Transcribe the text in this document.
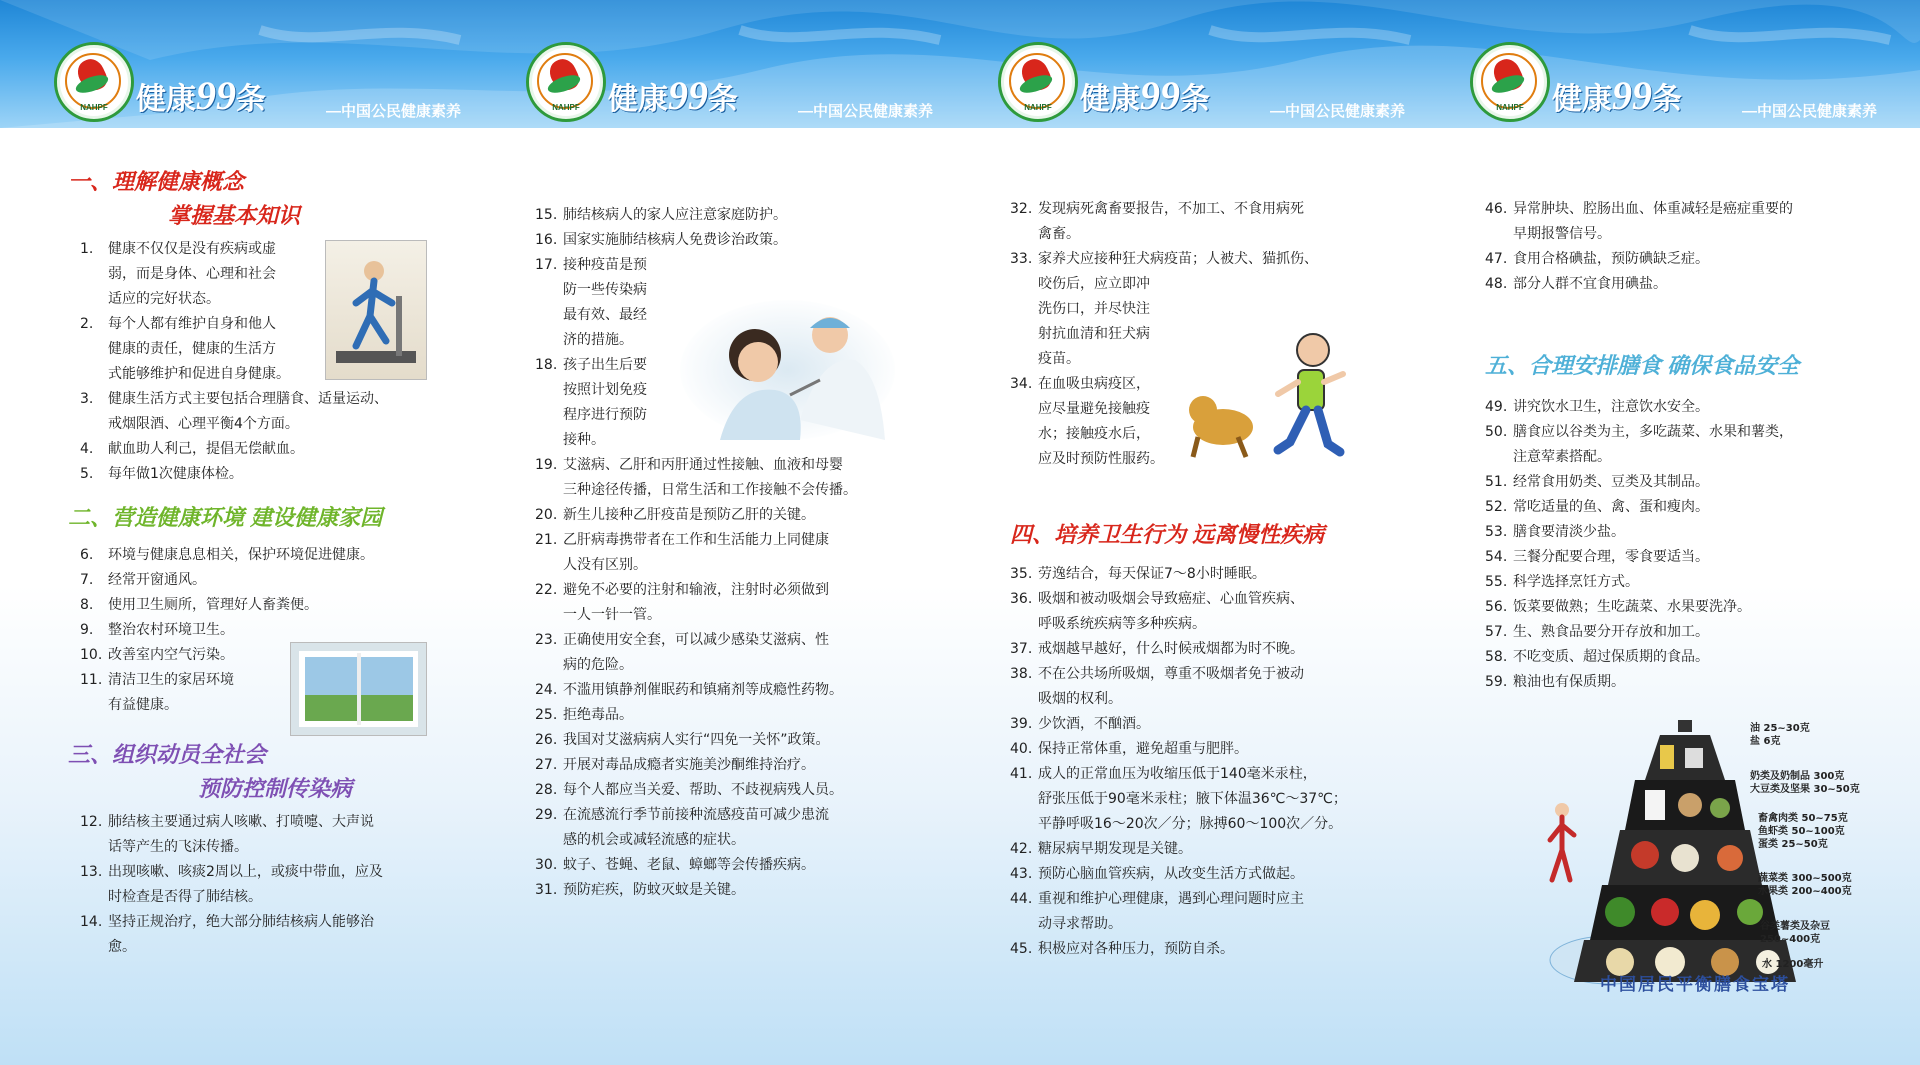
NAHPF 健康99条	—中国公民健康素养	NAHPF 健康99条	—中国公民健康素养	NAHPF 健康99条	—中国公民健康素养	NAHPF 健康99条	—中国公民健康素养
一、理解健康概念
掌握基本知识
1. 健康不仅仅是没有疾病或虚
弱，而是身体、心理和社会
适应的完好状态。
2. 每个人都有维护自身和他人
健康的责任，健康的生活方
式能够维护和促进自身健康。
3. 健康生活方式主要包括合理膳食、适量运动、
戒烟限酒、心理平衡4个方面。
4. 献血助人利己，提倡无偿献血。
5. 每年做1次健康体检。
二、营造健康环境 建设健康家园
6. 环境与健康息息相关，保护环境促进健康。
7. 经常开窗通风。
8. 使用卫生厕所，管理好人畜粪便。
9. 整治农村环境卫生。
10. 改善室内空气污染。
11. 清洁卫生的家居环境
有益健康。
三、组织动员全社会
预防控制传染病
12. 肺结核主要通过病人咳嗽、打喷嚏、大声说
话等产生的飞沫传播。
13. 出现咳嗽、咳痰2周以上，或痰中带血，应及
时检查是否得了肺结核。
14. 坚持正规治疗，绝大部分肺结核病人能够治
愈。
15. 肺结核病人的家人应注意家庭防护。
16. 国家实施肺结核病人免费诊治政策。
17. 接种疫苗是预
防一些传染病
最有效、最经
济的措施。
18. 孩子出生后要
按照计划免疫
程序进行预防
接种。
19. 艾滋病、乙肝和丙肝通过性接触、血液和母婴
三种途径传播，日常生活和工作接触不会传播。
20. 新生儿接种乙肝疫苗是预防乙肝的关键。
21. 乙肝病毒携带者在工作和生活能力上同健康
人没有区别。
22. 避免不必要的注射和输液，注射时必须做到
一人一针一管。
23. 正确使用安全套，可以减少感染艾滋病、性
病的危险。
24. 不滥用镇静剂催眠药和镇痛剂等成瘾性药物。
25. 拒绝毒品。
26. 我国对艾滋病病人实行“四免一关怀”政策。
27. 开展对毒品成瘾者实施美沙酮维持治疗。
28. 每个人都应当关爱、帮助、不歧视病残人员。
29. 在流感流行季节前接种流感疫苗可减少患流
感的机会或减轻流感的症状。
30. 蚊子、苍蝇、老鼠、蟑螂等会传播疾病。
31. 预防疟疾，防蚊灭蚊是关键。
32. 发现病死禽畜要报告，不加工、不食用病死
禽畜。
33. 家养犬应接种狂犬病疫苗；人被犬、猫抓伤、
咬伤后，应立即冲
洗伤口，并尽快注
射抗血清和狂犬病
疫苗。
34. 在血吸虫病疫区，
应尽量避免接触疫
水；接触疫水后，
应及时预防性服药。
四、培养卫生行为 远离慢性疾病
35. 劳逸结合，每天保证7～8小时睡眠。
36. 吸烟和被动吸烟会导致癌症、心血管疾病、
呼吸系统疾病等多种疾病。
37. 戒烟越早越好，什么时候戒烟都为时不晚。
38. 不在公共场所吸烟，尊重不吸烟者免于被动
吸烟的权利。
39. 少饮酒，不酗酒。
40. 保持正常体重，避免超重与肥胖。
41. 成人的正常血压为收缩压低于140毫米汞柱，
舒张压低于90毫米汞柱；腋下体温36℃～37℃；
平静呼吸16～20次／分；脉搏60～100次／分。
42. 糖尿病早期发现是关键。
43. 预防心脑血管疾病，从改变生活方式做起。
44. 重视和维护心理健康，遇到心理问题时应主
动寻求帮助。
45. 积极应对各种压力，预防自杀。
46. 异常肿块、腔肠出血、体重减轻是癌症重要的
早期报警信号。
47. 食用合格碘盐，预防碘缺乏症。
48. 部分人群不宜食用碘盐。
五、合理安排膳食 确保食品安全
49. 讲究饮水卫生，注意饮水安全。
50. 膳食应以谷类为主，多吃蔬菜、水果和薯类，
注意荤素搭配。
51. 经常食用奶类、豆类及其制品。
52. 常吃适量的鱼、禽、蛋和瘦肉。
53. 膳食要清淡少盐。
54. 三餐分配要合理，零食要适当。
55. 科学选择烹饪方式。
56. 饭菜要做熟；生吃蔬菜、水果要洗净。
57. 生、熟食品要分开存放和加工。
58. 不吃变质、超过保质期的食品。
59. 粮油也有保质期。
油 25~30克
盐 6克
奶类及奶制品 300克
大豆类及坚果 30~50克
畜禽肉类 50~75克
鱼虾类 50~100克
蛋类 25~50克
蔬菜类 300~500克
水果类 200~400克
谷类薯类及杂豆
250~400克
水 1200毫升
中国居民平衡膳食宝塔
